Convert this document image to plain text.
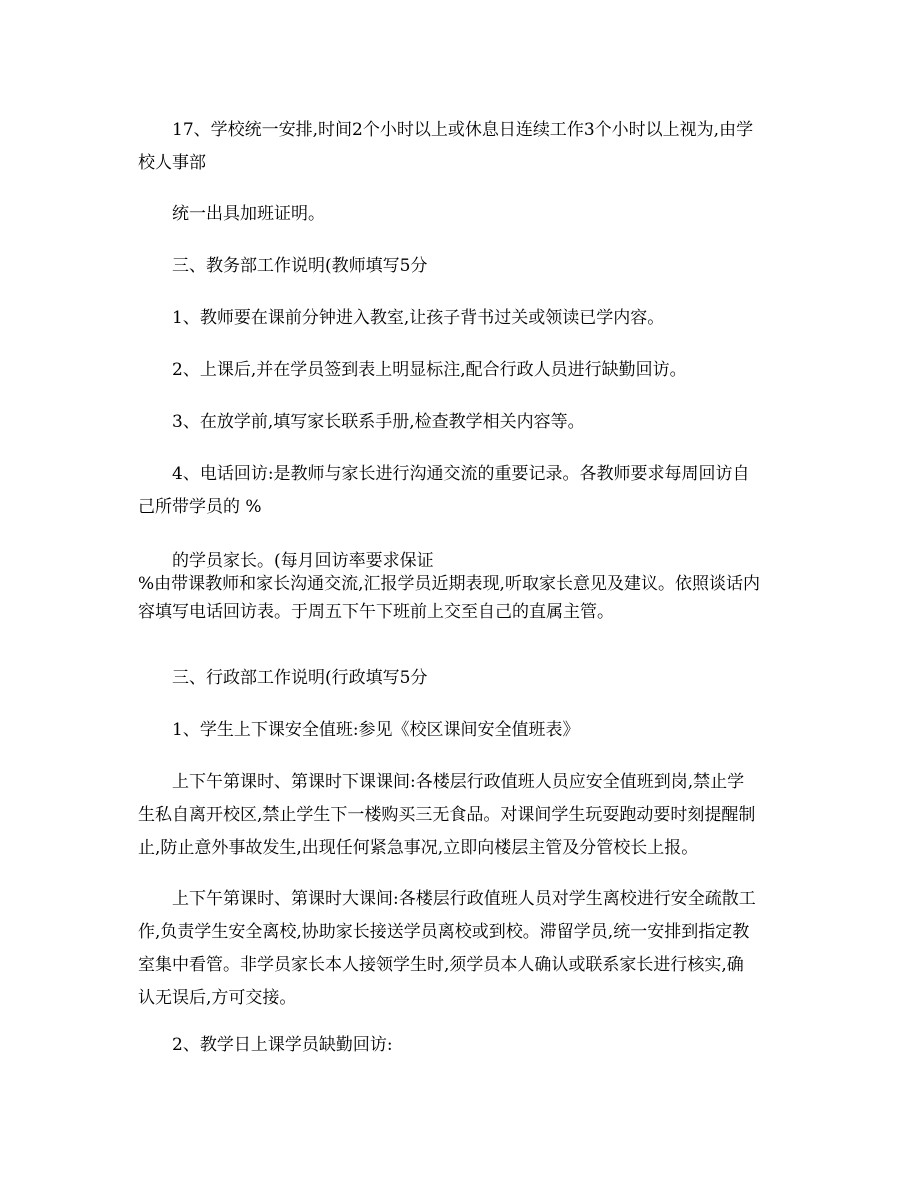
17、学校统一安排,时间2个小时以上或休息日连续工作3个小时以上视为,由学
校人事部
统一出具加班证明。
三、教务部工作说明(教师填写5分
1、教师要在课前分钟进入教室,让孩子背书过关或领读已学内容。
2、上课后,并在学员签到表上明显标注,配合行政人员进行缺勤回访。
3、在放学前,填写家长联系手册,检查教学相关内容等。
4、电话回访:是教师与家长进行沟通交流的重要记录。各教师要求每周回访自
己所带学员的 %
的学员家长。(每月回访率要求保证
%由带课教师和家长沟通交流,汇报学员近期表现,听取家长意见及建议。依照谈话内
容填写电话回访表。于周五下午下班前上交至自己的直属主管。
三、行政部工作说明(行政填写5分
1、学生上下课安全值班:参见《校区课间安全值班表》
上下午第课时、第课时下课课间:各楼层行政值班人员应安全值班到岗,禁止学
生私自离开校区,禁止学生下一楼购买三无食品。对课间学生玩耍跑动要时刻提醒制
止,防止意外事故发生,出现任何紧急事况,立即向楼层主管及分管校长上报。
上下午第课时、第课时大课间:各楼层行政值班人员对学生离校进行安全疏散工
作,负责学生安全离校,协助家长接送学员离校或到校。滞留学员,统一安排到指定教
室集中看管。非学员家长本人接领学生时,须学员本人确认或联系家长进行核实,确
认无误后,方可交接。
2、教学日上课学员缺勤回访:
